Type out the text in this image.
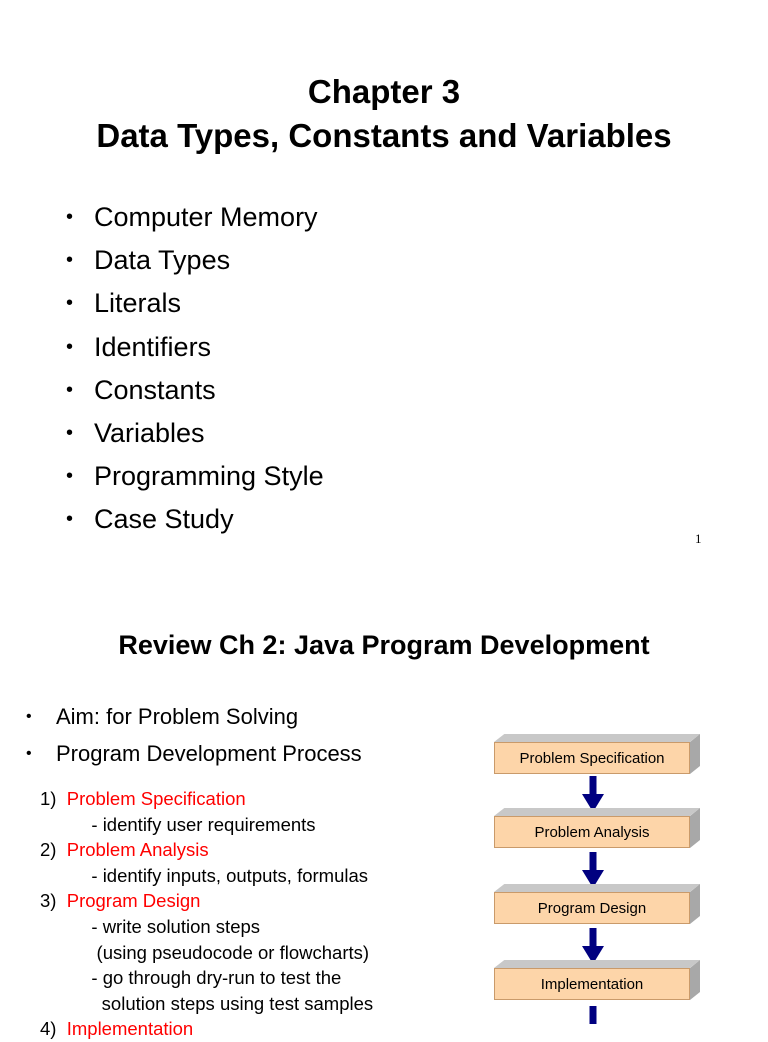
Chapter 3
Data Types, Constants and Variables
• Computer Memory
• Data Types
• Literals
• Identifiers
• Constants
• Variables
• Programming Style
• Case Study
1
Review Ch 2: Java Program Development
•	Aim: for Problem Solving
•	Program Development Process
1)  Problem Specification
- identify user requirements
2)  Problem Analysis
- identify inputs, outputs, formulas
3)  Program Design
- write solution steps
(using pseudocode or flowcharts)
- go through dry-run to test the
solution steps using test samples
4)  Implementation
Problem Specification
Problem Analysis
Program Design
Implementation
